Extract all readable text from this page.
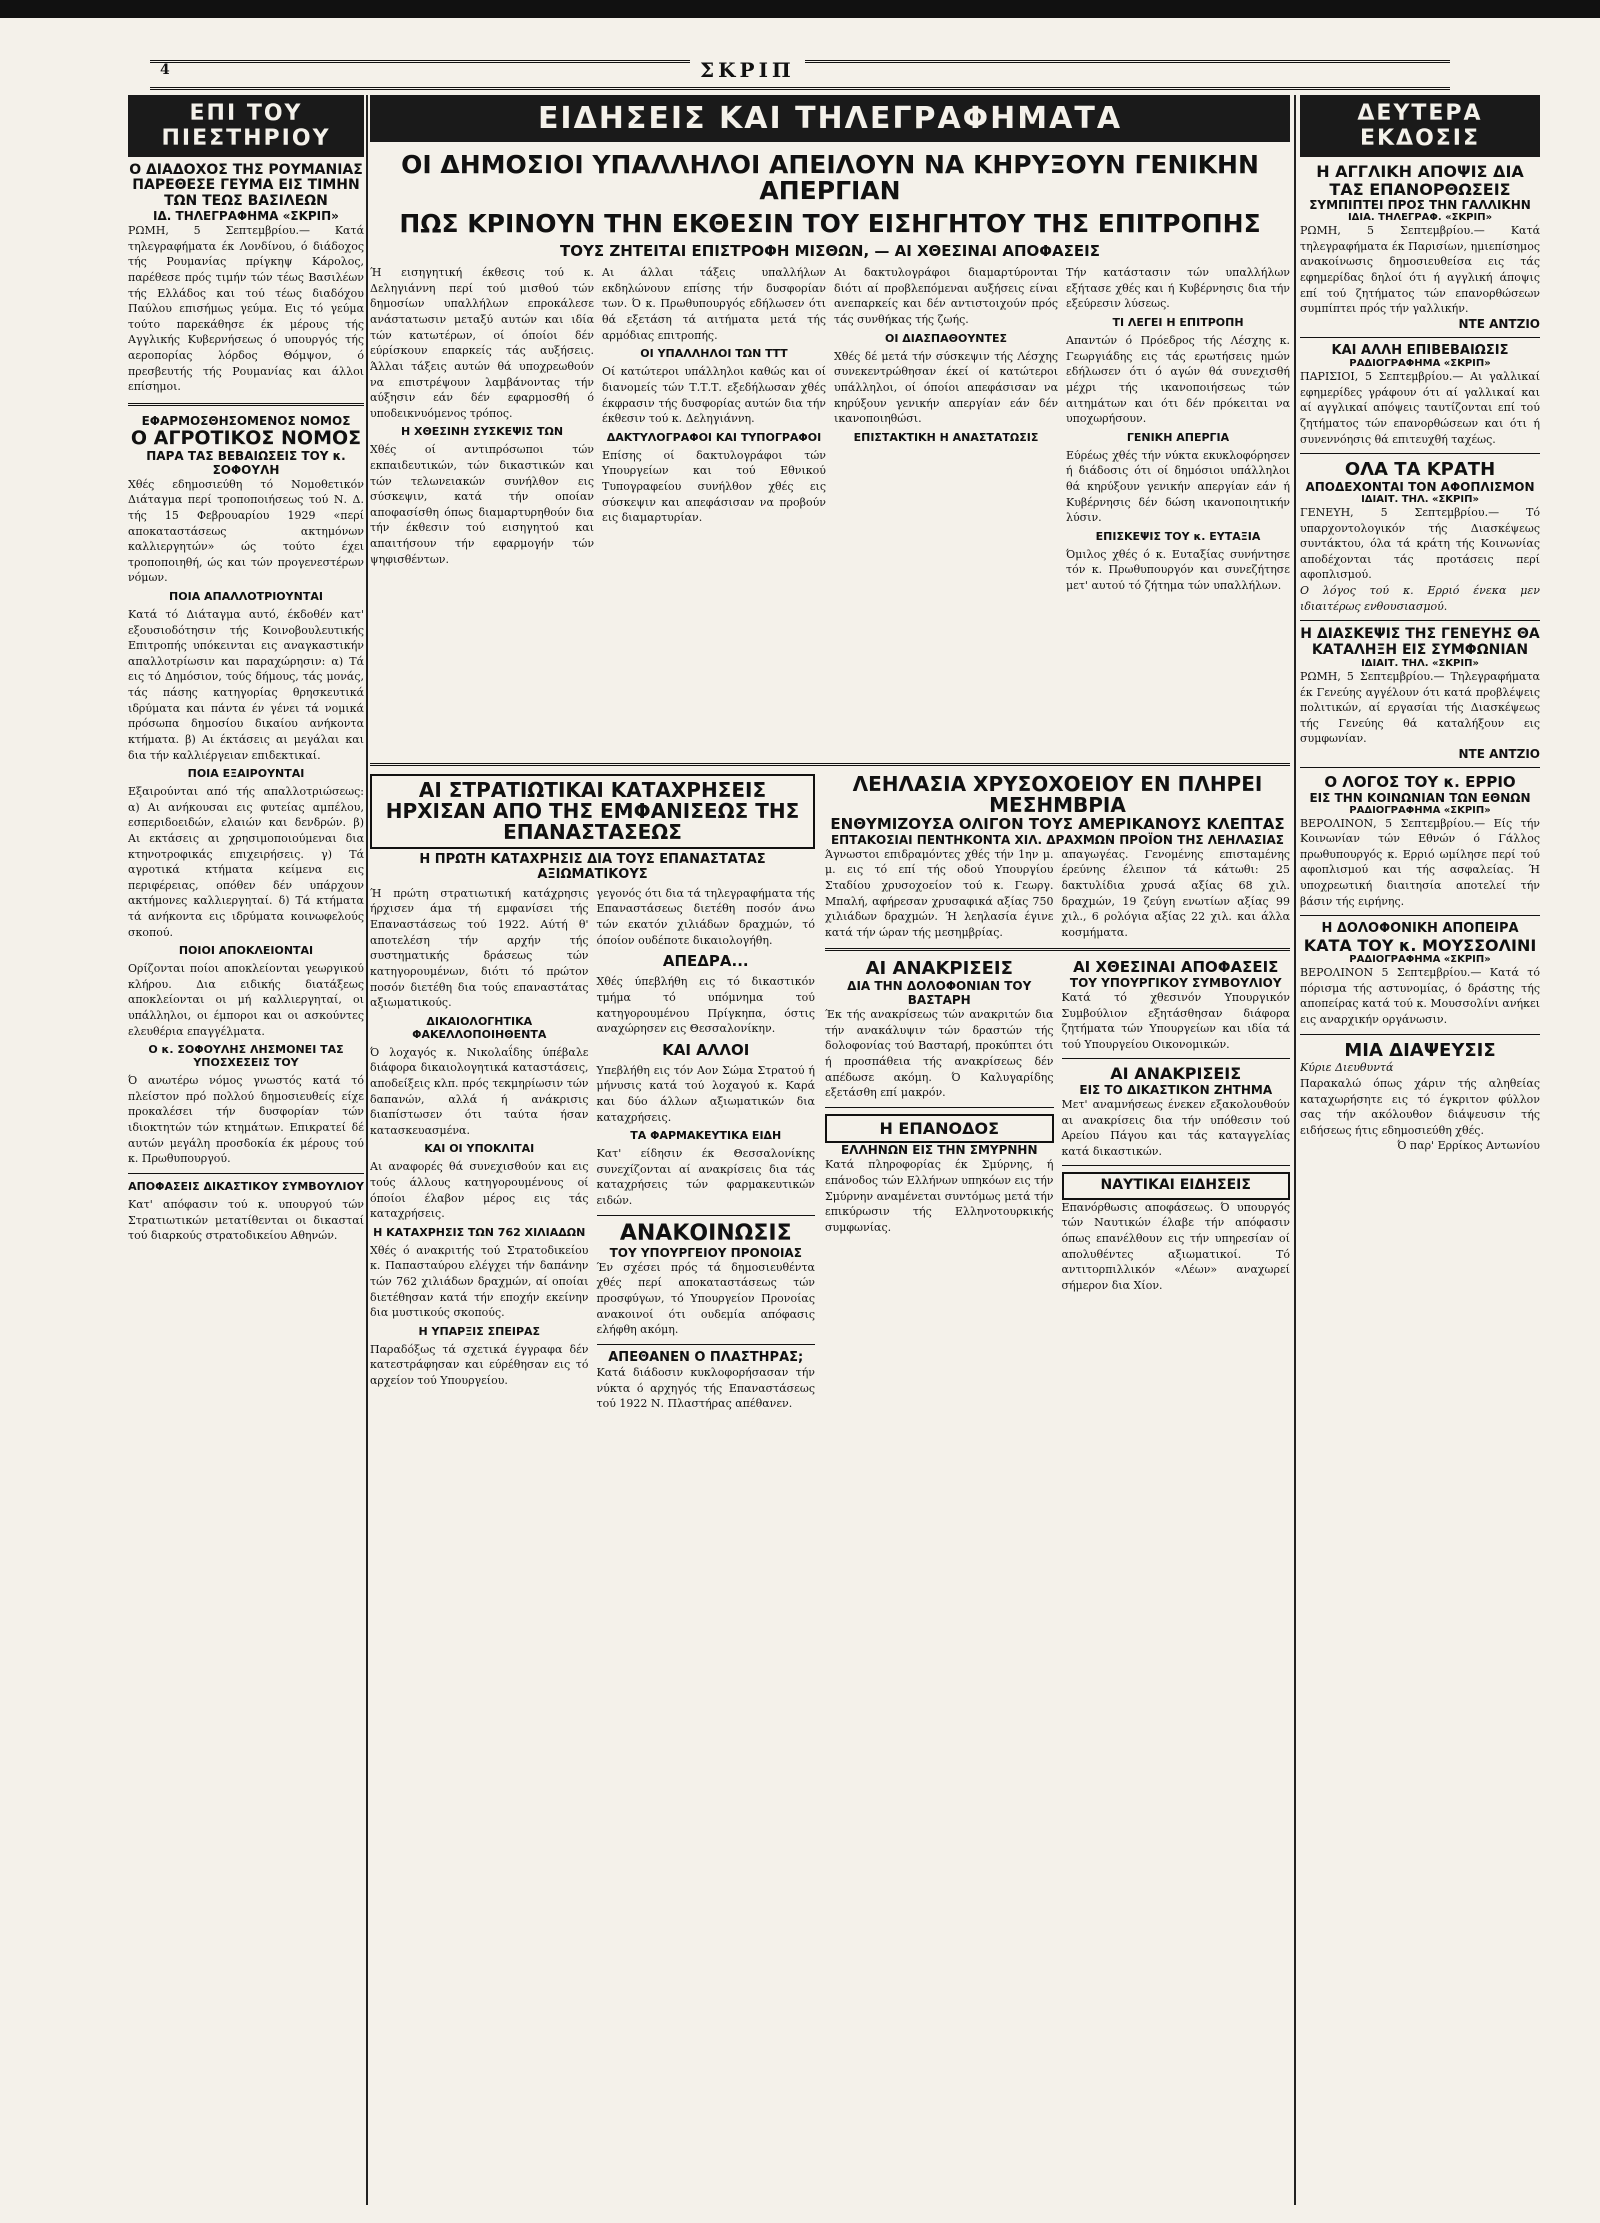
4	ΣΚΡΙΠ
ΕΠΙ ΤΟΥ ΠΙΕΣΤΗΡΙΟΥ
Ο ΔΙΑΔΟΧΟΣ ΤΗΣ ΡΟΥΜΑΝΙΑΣ ΠΑΡΕΘΕΣΕ ΓΕΥΜΑ ΕΙΣ ΤΙΜΗΝ ΤΩΝ ΤΕΩΣ ΒΑΣΙΛΕΩΝ
ΙΔ. ΤΗΛΕΓΡΑΦΗΜΑ «ΣΚΡΙΠ»
ΡΩΜΗ, 5 Σεπτεμβρίου.— Κατά τηλεγραφήματα έκ Λονδίνου, ό διάδοχος τής Ρουμανίας πρίγκηψ Κάρολος, παρέθεσε πρός τιμήν τών τέως Βασιλέων τής Ελλάδος και τού τέως διαδόχου Παύλου επισήμως γεύμα. Εις τό γεύμα τούτο παρεκάθησε έκ μέρους τής Αγγλικής Κυβερνήσεως ό υπουργός τής αεροπορίας λόρδος Θόμψον, ό πρεσβευτής τής Ρουμανίας και άλλοι επίσημοι.
ΕΦΑΡΜΟΣΘΗΣΟΜΕΝΟΣ ΝΟΜΟΣ
Ο ΑΓΡΟΤΙΚΟΣ ΝΟΜΟΣ
ΠΑΡΑ ΤΑΣ ΒΕΒΑΙΩΣΕΙΣ ΤΟΥ κ. ΣΟΦΟΥΛΗ
Χθές εδημοσιεύθη τό Νομοθετικόν Διάταγμα περί τροποποιήσεως τού Ν. Δ. τής 15 Φεβρουαρίου 1929 «περί αποκαταστάσεως ακτημόνων καλλιεργητών» ώς τούτο έχει τροποποιηθή, ώς και τών προγενεστέρων νόμων.
ΠΟΙΑ ΑΠΑΛΛΟΤΡΙΟΥΝΤΑΙ
Κατά τό Διάταγμα αυτό, έκδοθέν κατ' εξουσιοδότησιν τής Κοινοβουλευτικής Επιτροπής υπόκεινται εις αναγκαστικήν απαλλοτρίωσιν και παραχώρησιν: α) Τά εις τό Δημόσιον, τούς δήμους, τάς μονάς, τάς πάσης κατηγορίας θρησκευτικά ιδρύματα και πάντα έν γένει τά νομικά πρόσωπα δημοσίου δικαίου ανήκοντα κτήματα. β) Αι έκτάσεις αι μεγάλαι και δια τήν καλλιέργειαν επιδεκτικαί.
ΠΟΙΑ ΕΞΑΙΡΟΥΝΤΑΙ
Εξαιρούνται από τής απαλλοτριώσεως: α) Αι ανήκουσαι εις φυτείας αμπέλου, εσπεριδοειδών, ελαιών και δενδρών. β) Αι εκτάσεις αι χρησιμοποιούμεναι δια κτηνοτροφικάς επιχειρήσεις. γ) Τά αγροτικά κτήματα κείμενα εις περιφέρειας, οπόθεν δέν υπάρχουν ακτήμονες καλλιεργηταί. δ) Τά κτήματα τά ανήκοντα εις ιδρύματα κοινωφελούς σκοπού.
ΠΟΙΟΙ ΑΠΟΚΛΕΙΟΝΤΑΙ
Ορίζονται ποίοι αποκλείονται γεωργικού κλήρου. Δια ειδικής διατάξεως αποκλείονται οι μή καλλιεργηταί, οι υπάλληλοι, οι έμποροι και οι ασκούντες ελευθέρια επαγγέλματα.
Ο κ. ΣΟΦΟΥΛΗΣ ΛΗΣΜΟΝΕΙ ΤΑΣ ΥΠΟΣΧΕΣΕΙΣ ΤΟΥ
Ό ανωτέρω νόμος γνωστός κατά τό πλείστον πρό πολλού δημοσιευθείς είχε προκαλέσει τήν δυσφορίαν τών ιδιοκτητών τών κτημάτων. Επικρατεί δέ αυτών μεγάλη προσδοκία έκ μέρους τού κ. Πρωθυπουργού.
ΑΠΟΦΑΣΕΙΣ ΔΙΚΑΣΤΙΚΟΥ ΣΥΜΒΟΥΛΙΟΥ
Κατ' απόφασιν τού κ. υπουργού τών Στρατιωτικών μετατίθενται οι δικασταί τού διαρκούς στρατοδικείου Αθηνών.
ΕΙΔΗΣΕΙΣ ΚΑΙ ΤΗΛΕΓΡΑΦΗΜΑΤΑ
ΟΙ ΔΗΜΟΣΙΟΙ ΥΠΑΛΛΗΛΟΙ ΑΠΕΙΛΟΥΝ ΝΑ ΚΗΡΥΞΟΥΝ ΓΕΝΙΚΗΝ ΑΠΕΡΓΙΑΝ
ΠΩΣ ΚΡΙΝΟΥΝ ΤΗΝ ΕΚΘΕΣΙΝ ΤΟΥ ΕΙΣΗΓΗΤΟΥ ΤΗΣ ΕΠΙΤΡΟΠΗΣ
ΤΟΥΣ ΖΗΤΕΙΤΑΙ ΕΠΙΣΤΡΟΦΗ ΜΙΣΘΩΝ, — ΑΙ ΧΘΕΣΙΝΑΙ ΑΠΟΦΑΣΕΙΣ
Ή εισηγητική έκθεσις τού κ. Δεληγιάννη περί τού μισθού τών δημοσίων υπαλλήλων επροκάλεσε ανάστατωσιν μεταξύ αυτών και ιδία τών κατωτέρων, οί όποίοι δέν εύρίσκουν επαρκείς τάς αυξήσεις. Άλλαι τάξεις αυτών θά υποχρεωθούν να επιστρέψουν λαμβάνοντας τήν αύξησιν εάν δέν εφαρμοσθή ό υποδεικνυόμενος τρόπος.
Η ΧΘΕΣΙΝΗ ΣΥΣΚΕΨΙΣ ΤΩΝ
Χθές οί αντιπρόσωποι τών εκπαιδευτικών, τών δικαστικών και τών τελωνειακών συνήλθον εις σύσκεψιν, κατά τήν οποίαν αποφασίσθη όπως διαμαρτυρηθούν δια τήν έκθεσιν τού εισηγητού και απαιτήσουν τήν εφαρμογήν τών ψηφισθέντων.
Αι άλλαι τάξεις υπαλλήλων εκδηλώνουν επίσης τήν δυσφορίαν των. Ό κ. Πρωθυπουργός εδήλωσεν ότι θά εξετάση τά αιτήματα μετά τής αρμόδιας επιτροπής.
ΟΙ ΥΠΑΛΛΗΛΟΙ ΤΩΝ ΤΤΤ
Οί κατώτεροι υπάλληλοι καθώς και οί διανομείς τών Τ.Τ.Τ. εξεδήλωσαν χθές έκφρασιν τής δυσφορίας αυτών δια τήν έκθεσιν τού κ. Δεληγιάννη.
ΔΑΚΤΥΛΟΓΡΑΦΟΙ ΚΑΙ ΤΥΠΟΓΡΑΦΟΙ
Επίσης οί δακτυλογράφοι τών Υπουργείων και τού Εθνικού Τυπογραφείου συνήλθον χθές εις σύσκεψιν και απεφάσισαν να προβούν εις διαμαρτυρίαν.
Αι δακτυλογράφοι διαμαρτύρονται διότι αί προβλεπόμεναι αυξήσεις είναι ανεπαρκείς και δέν αντιστοιχούν πρός τάς συνθήκας τής ζωής.
ΟΙ ΔΙΑΣΠΑΘΟΥΝΤΕΣ
Χθές δέ μετά τήν σύσκεψιν τής Λέσχης συνεκεντρώθησαν έκεί οί κατώτεροι υπάλληλοι, οί όποίοι απεφάσισαν να κηρύξουν γενικήν απεργίαν εάν δέν ικανοποιηθώσι.
ΕΠΙΣΤΑΚΤΙΚΗ Η ΑΝΑΣΤΑΤΩΣΙΣ
Τήν κατάστασιν τών υπαλλήλων εξήτασε χθές και ή Κυβέρνησις δια τήν εξεύρεσιν λύσεως.
ΤΙ ΛΕΓΕΙ Η ΕΠΙΤΡΟΠΗ
Απαντών ό Πρόεδρος τής Λέσχης κ. Γεωργιάδης εις τάς ερωτήσεις ημών εδήλωσεν ότι ό αγών θά συνεχισθή μέχρι τής ικανοποιήσεως τών αιτημάτων και ότι δέν πρόκειται να υποχωρήσουν.
ΓΕΝΙΚΗ ΑΠΕΡΓΙΑ
Εύρέως χθές τήν νύκτα εκυκλοφόρησεν ή διάδοσις ότι οί δημόσιοι υπάλληλοι θά κηρύξουν γενικήν απεργίαν εάν ή Κυβέρνησις δέν δώση ικανοποιητικήν λύσιν.
ΕΠΙΣΚΕΨΙΣ ΤΟΥ κ. ΕΥΤΑΞΙΑ
Όμιλος χθές ό κ. Ευταξίας συνήντησε τόν κ. Πρωθυπουργόν και συνεζήτησε μετ' αυτού τό ζήτημα τών υπαλλήλων.
ΑΙ ΣΤΡΑΤΙΩΤΙΚΑΙ ΚΑΤΑΧΡΗΣΕΙΣ ΗΡΧΙΣΑΝ ΑΠΟ ΤΗΣ ΕΜΦΑΝΙΣΕΩΣ ΤΗΣ ΕΠΑΝΑΣΤΑΣΕΩΣ
Η ΠΡΩΤΗ ΚΑΤΑΧΡΗΣΙΣ ΔΙΑ ΤΟΥΣ ΕΠΑΝΑΣΤΑΤΑΣ ΑΞΙΩΜΑΤΙΚΟΥΣ
Ή πρώτη στρατιωτική κατάχρησις ήρχισεν άμα τή εμφανίσει τής Επαναστάσεως τού 1922. Αύτή θ' αποτελέση τήν αρχήν τής συστηματικής δράσεως τών κατηγορουμένων, διότι τό πρώτον ποσόν διετέθη δια τούς επαναστάτας αξιωματικούς.
ΔΙΚΑΙΟΛΟΓΗΤΙΚΑ ΦΑΚΕΛΛΟΠΟΙΗΘΕΝΤΑ
Ό λοχαγός κ. Νικολαΐδης ύπέβαλε διάφορα δικαιολογητικά καταστάσεις, αποδείξεις κλπ. πρός τεκμηρίωσιν τών δαπανών, αλλά ή ανάκρισις διαπίστωσεν ότι ταύτα ήσαν κατασκευασμένα.
ΚΑΙ ΟΙ ΥΠΟΚΛΙΤΑΙ
Αι αναφορές θά συνεχισθούν και εις τούς άλλους κατηγορουμένους οί όποίοι έλαβον μέρος εις τάς καταχρήσεις.
Η ΚΑΤΑΧΡΗΣΙΣ ΤΩΝ 762 ΧΙΛΙΑΔΩΝ
Χθές ό ανακριτής τού Στρατοδικείου κ. Παπασταύρου ελέγχει τήν δαπάνην τών 762 χιλιάδων δραχμών, αί οποίαι διετέθησαν κατά τήν εποχήν εκείνην δια μυστικούς σκοπούς.
Η ΥΠΑΡΞΙΣ ΣΠΕΙΡΑΣ
Παραδόξως τά σχετικά έγγραφα δέν κατεστράφησαν και εύρέθησαν εις τό αρχείον τού Υπουργείου.
γεγονός ότι δια τά τηλεγραφήματα τής Επαναστάσεως διετέθη ποσόν άνω τών εκατόν χιλιάδων δραχμών, τό όποίον ουδέποτε δικαιολογήθη.
ΑΠΕΔΡΑ...
Χθές ύπεβλήθη εις τό δικαστικόν τμήμα τό υπόμνημα τού κατηγορουμένου Πρίγκηπα, όστις αναχώρησεν εις Θεσσαλονίκην.
ΚΑΙ ΑΛΛΟΙ
Υπεβλήθη εις τόν Αον Σώμα Στρατού ή μήνυσις κατά τού λοχαγού κ. Καρά και δύο άλλων αξιωματικών δια καταχρήσεις.
ΤΑ ΦΑΡΜΑΚΕΥΤΙΚΑ ΕΙΔΗ
Κατ' είδησιν έκ Θεσσαλονίκης συνεχίζονται αί ανακρίσεις δια τάς καταχρήσεις τών φαρμακευτικών ειδών.
ΑΝΑΚΟΙΝΩΣΙΣ
ΤΟΥ ΥΠΟΥΡΓΕΙΟΥ ΠΡΟΝΟΙΑΣ
Έν σχέσει πρός τά δημοσιευθέντα χθές περί αποκαταστάσεως τών προσφύγων, τό Υπουργείον Προνοίας ανακοινοί ότι ουδεμία απόφασις ελήφθη ακόμη.
ΑΠΕΘΑΝΕΝ Ο ΠΛΑΣΤΗΡΑΣ;
Κατά διάδοσιν κυκλοφορήσασαν τήν νύκτα ό αρχηγός τής Επαναστάσεως τού 1922 Ν. Πλαστήρας απέθανεν.
ΛΕΗΛΑΣΙΑ ΧΡΥΣΟΧΟΕΙΟΥ ΕΝ ΠΛΗΡΕΙ ΜΕΣΗΜΒΡΙΑ
ΕΝΘΥΜΙΖΟΥΣΑ ΟΛΙΓΟΝ ΤΟΥΣ ΑΜΕΡΙΚΑΝΟΥΣ ΚΛΕΠΤΑΣ
ΕΠΤΑΚΟΣΙΑΙ ΠΕΝΤΗΚΟΝΤΑ ΧΙΛ. ΔΡΑΧΜΩΝ ΠΡΟΪΟΝ ΤΗΣ ΛΕΗΛΑΣΙΑΣ
Άγνωστοι επιδραμόντες χθές τήν 1ην μ. μ. εις τό επί τής οδού Υπουργίου Σταδίου χρυσοχοείον τού κ. Γεωργ. Μπαλή, αφήρεσαν χρυσαφικά αξίας 750 χιλιάδων δραχμών. Ή λεηλασία έγινε κατά τήν ώραν τής μεσημβρίας.
απαγωγέας. Γενομένης επισταμένης έρεύνης έλειπον τά κάτωθι: 25 δακτυλίδια χρυσά αξίας 68 χιλ. δραχμών, 19 ζεύγη ενωτίων αξίας 99 χιλ., 6 ρολόγια αξίας 22 χιλ. και άλλα κοσμήματα.
ΑΙ ΑΝΑΚΡΙΣΕΙΣ
ΔΙΑ ΤΗΝ ΔΟΛΟΦΟΝΙΑΝ ΤΟΥ ΒΑΣΤΑΡΗ
Έκ τής ανακρίσεως τών ανακριτών δια τήν ανακάλυψιν τών δραστών τής δολοφονίας τού Βασταρή, προκύπτει ότι ή προσπάθεια τής ανακρίσεως δέν απέδωσε ακόμη. Ό Καλυγαρίδης εξετάσθη επί μακρόν.
Η ΕΠΑΝΟΔΟΣ
ΕΛΛΗΝΩΝ ΕΙΣ ΤΗΝ ΣΜΥΡΝΗΝ
Κατά πληροφορίας έκ Σμύρνης, ή επάνοδος τών Ελλήνων υπηκόων εις τήν Σμύρνην αναμένεται συντόμως μετά τήν επικύρωσιν τής Ελληνοτουρκικής συμφωνίας.
ΑΙ ΧΘΕΣΙΝΑΙ ΑΠΟΦΑΣΕΙΣ
ΤΟΥ ΥΠΟΥΡΓΙΚΟΥ ΣΥΜΒΟΥΛΙΟΥ
Κατά τό χθεσινόν Υπουργικόν Συμβούλιον εξητάσθησαν διάφορα ζητήματα τών Υπουργείων και ιδία τά τού Υπουργείου Οικονομικών.
ΑΙ ΑΝΑΚΡΙΣΕΙΣ
ΕΙΣ ΤΟ ΔΙΚΑΣΤΙΚΟΝ ΖΗΤΗΜΑ
Μετ' αναμνήσεως ένεκεν εξακολουθούν αι ανακρίσεις δια τήν υπόθεσιν τού Αρείου Πάγου και τάς καταγγελίας κατά δικαστικών.
ΝΑΥΤΙΚΑΙ ΕΙΔΗΣΕΙΣ
Επανόρθωσις αποφάσεως. Ό υπουργός τών Ναυτικών έλαβε τήν απόφασιν όπως επανέλθουν εις τήν υπηρεσίαν οί απολυθέντες αξιωματικοί. Τό αντιτορπιλλικόν «Λέων» αναχωρεί σήμερον δια Χίον.
ΔΕΥΤΕΡΑ ΕΚΔΟΣΙΣ
Η ΑΓΓΛΙΚΗ ΑΠΟΨΙΣ ΔΙΑ ΤΑΣ ΕΠΑΝΟΡΘΩΣΕΙΣ
ΣΥΜΠΙΠΤΕΙ ΠΡΟΣ ΤΗΝ ΓΑΛΛΙΚΗΝ
ΙΔΙΑ. ΤΗΛΕΓΡΑΦ. «ΣΚΡΙΠ»
ΡΩΜΗ, 5 Σεπτεμβρίου.— Κατά τηλεγραφήματα έκ Παρισίων, ημιεπίσημος ανακοίνωσις δημοσιευθείσα εις τάς εφημερίδας δηλοί ότι ή αγγλική άποψις επί τού ζητήματος τών επανορθώσεων συμπίπτει πρός τήν γαλλικήν.
ΝΤΕ ΑΝΤΖΙΟ
ΚΑΙ ΑΛΛΗ ΕΠΙΒΕΒΑΙΩΣΙΣ
ΡΑΔΙΟΓΡΑΦΗΜΑ «ΣΚΡΙΠ»
ΠΑΡΙΣΙΟΙ, 5 Σεπτεμβρίου.— Αι γαλλικαί εφημερίδες γράφουν ότι αί γαλλικαί και αί αγγλικαί απόψεις ταυτίζονται επί τού ζητήματος τών επανορθώσεων και ότι ή συνεννόησις θά επιτευχθή ταχέως.
ΟΛΑ ΤΑ ΚΡΑΤΗ
ΑΠΟΔΕΧΟΝΤΑΙ ΤΟΝ ΑΦΟΠΛΙΣΜΟΝ
ΙΔΙΑΙΤ. ΤΗΛ. «ΣΚΡΙΠ»
ΓΕΝΕΥΗ, 5 Σεπτεμβρίου.— Τό υπαρχοντολογικόν τής Διασκέψεως συντάκτου, όλα τά κράτη τής Κοινωνίας αποδέχονται τάς προτάσεις περί αφοπλισμού.
Ο λόγος τού κ. Ερριό ένεκα μεν ιδιαιτέρως ενθουσιασμού.
Η ΔΙΑΣΚΕΨΙΣ ΤΗΣ ΓΕΝΕΥΗΣ ΘΑ ΚΑΤΑΛΗΞΗ ΕΙΣ ΣΥΜΦΩΝΙΑΝ
ΙΔΙΑΙΤ. ΤΗΛ. «ΣΚΡΙΠ»
ΡΩΜΗ, 5 Σεπτεμβρίου.— Τηλεγραφήματα έκ Γενεύης αγγέλουν ότι κατά προβλέψεις πολιτικών, αί εργασίαι τής Διασκέψεως τής Γενεύης θά καταλήξουν εις συμφωνίαν.
ΝΤΕ ΑΝΤΖΙΟ
Ο ΛΟΓΟΣ ΤΟΥ κ. ΕΡΡΙΟ
ΕΙΣ ΤΗΝ ΚΟΙΝΩΝΙΑΝ ΤΩΝ ΕΘΝΩΝ
ΡΑΔΙΟΓΡΑΦΗΜΑ «ΣΚΡΙΠ»
ΒΕΡΟΛΙΝΟΝ, 5 Σεπτεμβρίου.— Είς τήν Κοινωνίαν τών Εθνών ό Γάλλος πρωθυπουργός κ. Ερριό ωμίλησε περί τού αφοπλισμού και τής ασφαλείας. Ή υποχρεωτική διαιτησία αποτελεί τήν βάσιν τής ειρήνης.
Η ΔΟΛΟΦΟΝΙΚΗ ΑΠΟΠΕΙΡΑ
ΚΑΤΑ ΤΟΥ κ. ΜΟΥΣΣΟΛΙΝΙ
ΡΑΔΙΟΓΡΑΦΗΜΑ «ΣΚΡΙΠ»
ΒΕΡΟΛΙΝΟΝ 5 Σεπτεμβρίου.— Κατά τό πόρισμα τής αστυνομίας, ό δράστης τής αποπείρας κατά τού κ. Μουσσολίνι ανήκει εις αναρχικήν οργάνωσιν.
ΜΙΑ ΔΙΑΨΕΥΣΙΣ
Κύριε Διευθυντά
Παρακαλώ όπως χάριν τής αληθείας καταχωρήσητε εις τό έγκριτον φύλλον σας τήν ακόλουθον διάψευσιν τής ειδήσεως ήτις εδημοσιεύθη χθές.
Ό παρ' Ερρίκος Αντωνίου
